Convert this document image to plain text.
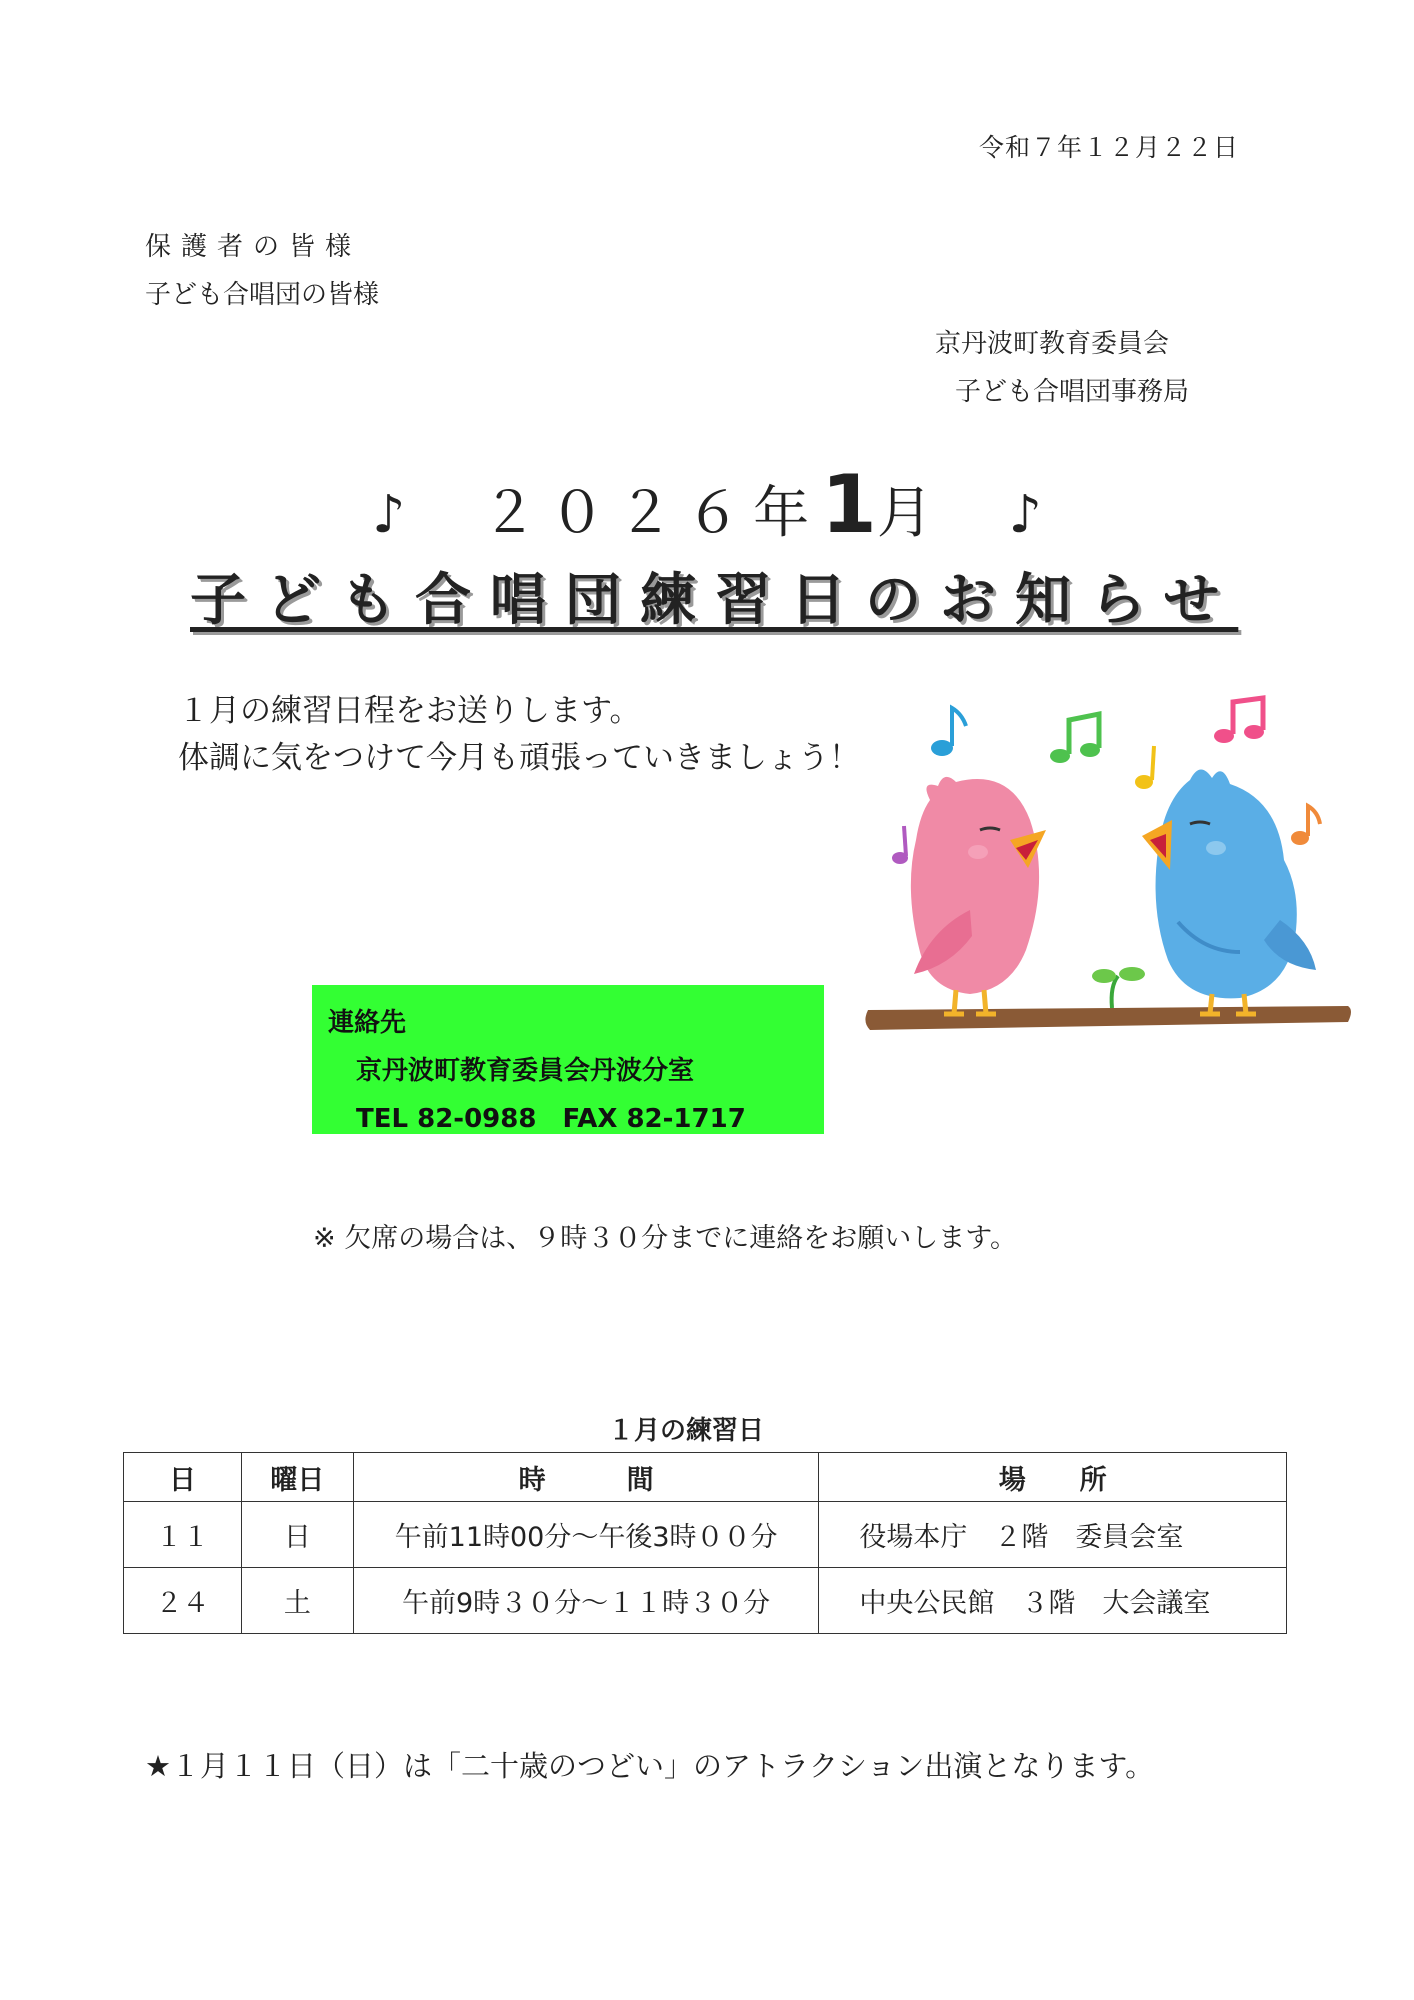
令和７年１２月２２日
保護者の皆様
子ども合唱団の皆様
京丹波町教育委員会
子ども合唱団事務局
♪ ２０２６年1月 ♪
子ども合唱団練習日のお知らせ
１月の練習日程をお送りします。
体調に気をつけて今月も頑張っていきましょう！
連絡先
京丹波町教育委員会丹波分室
TEL 82-0988　FAX 82-1717
※ 欠席の場合は、９時３０分までに連絡をお願いします。
１月の練習日
日	曜日	時　　　間	場　　所
１１	日	午前11時00分～午後3時００分	役場本庁　２階　委員会室
２４	土	午前9時３０分～１１時３０分	中央公民館　３階　大会議室
★１月１１日（日）は「二十歳のつどい」のアトラクション出演となります。
